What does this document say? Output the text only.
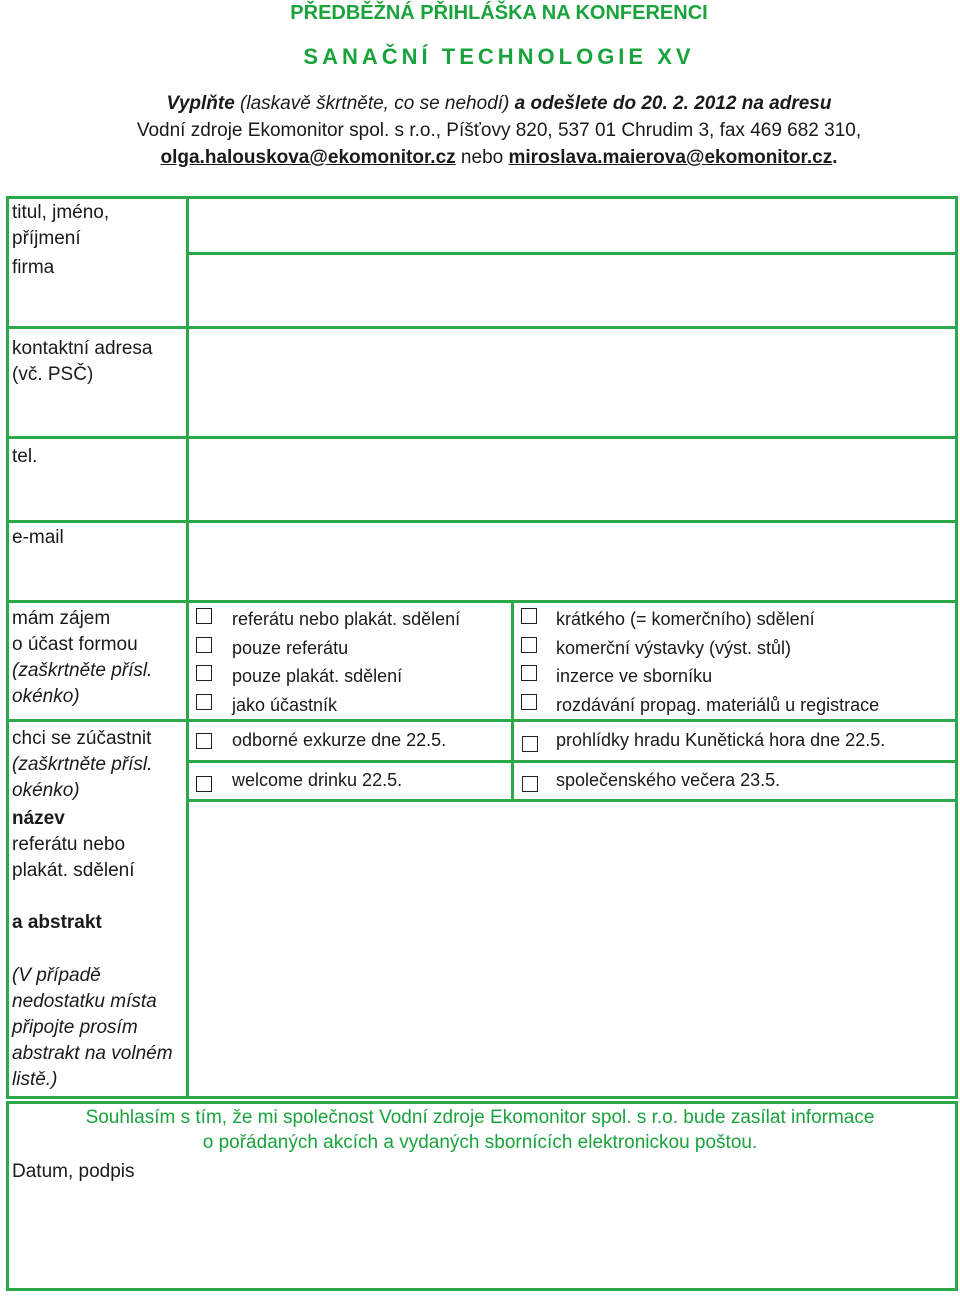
PŘEDBĚŽNÁ PŘIHLÁŠKA NA KONFERENCI
SANAČNÍ TECHNOLOGIE XV
Vyplňte (laskavě škrtněte, co se nehodí) a odešlete do 20. 2. 2012 na adresu
Vodní zdroje Ekomonitor spol. s r.o., Píšťovy 820, 537 01 Chrudim 3, fax 469 682 310,
olga.halouskova@ekomonitor.cz nebo miroslava.maierova@ekomonitor.cz.
titul, jméno, příjmení
firma
kontaktní adresa (vč. PSČ)
tel.
e-mail
mám zájem
o účast formou
(zaškrtněte přísl. okénko)
chci se zúčastnit
(zaškrtněte přísl. okénko)
název
referátu nebo plakát. sdělení
a abstrakt
(V případě nedostatku místa připojte prosím abstrakt na volném listě.)
referátu nebo plakát. sdělení
pouze referátu
pouze plakát. sdělení
jako účastník
krátkého (= komerčního) sdělení
komerční výstavky (výst. stůl)
inzerce ve sborníku
rozdávání propag. materiálů u registrace
odborné exkurze dne 22.5.
welcome drinku 22.5.
prohlídky hradu Kunětická hora dne 22.5.
společenského večera 23.5.
Souhlasím s tím, že mi společnost Vodní zdroje Ekomonitor spol. s r.o. bude zasílat informace
o pořádaných akcích a vydaných sbornících elektronickou poštou.
Datum, podpis
